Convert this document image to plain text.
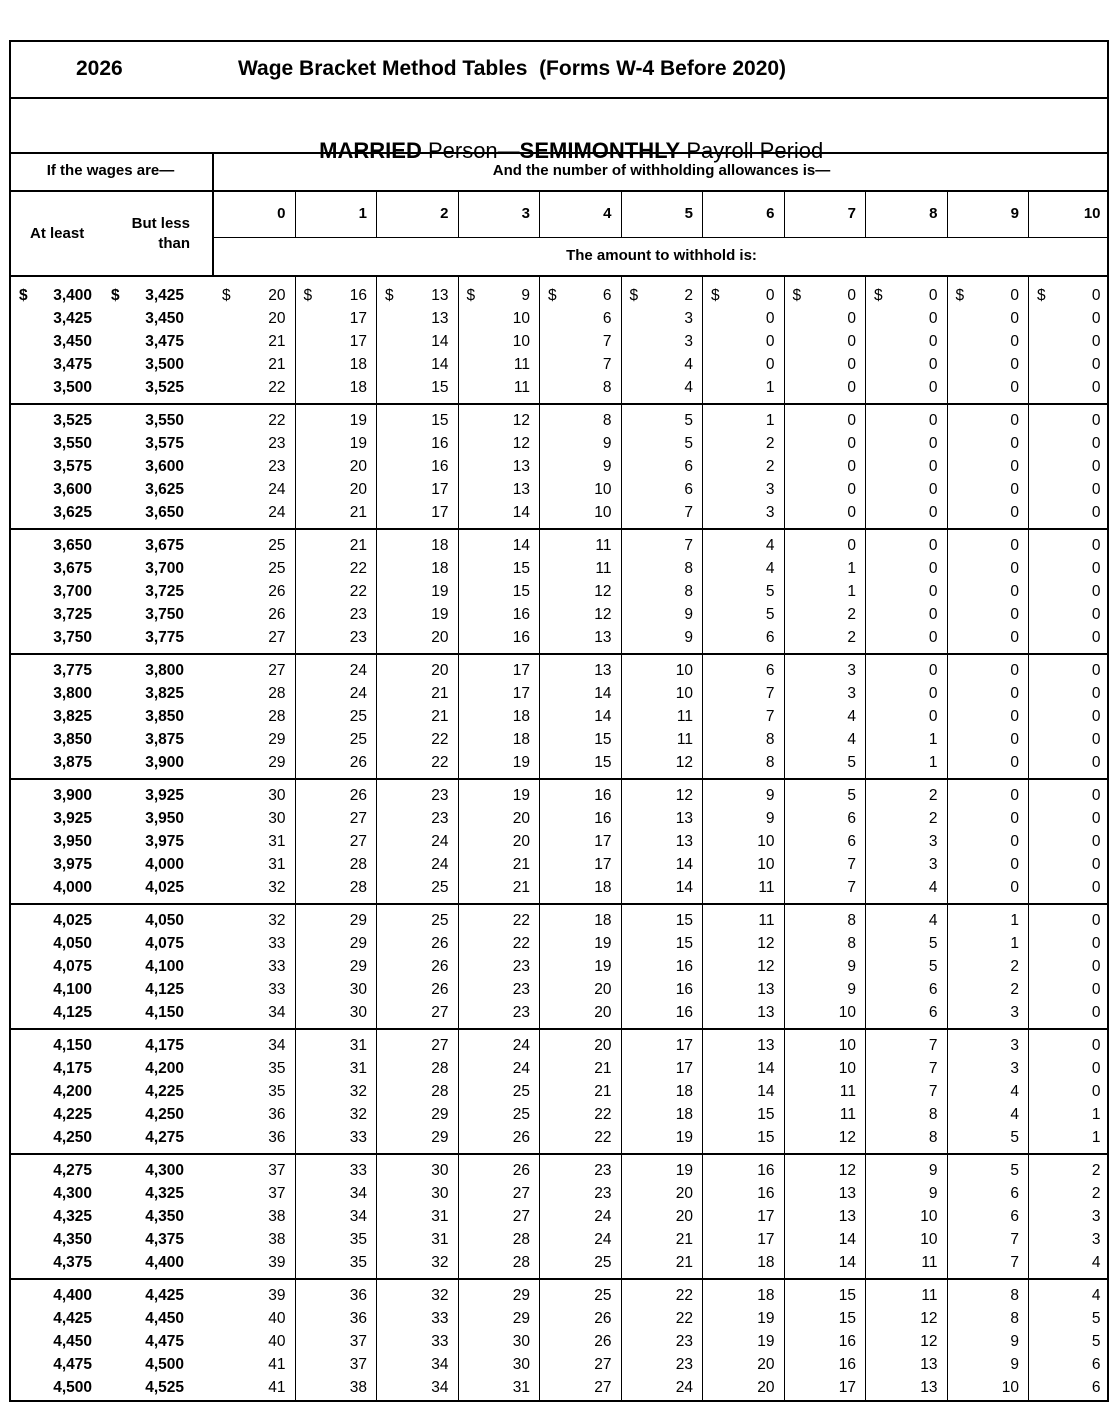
2026	Wage Bracket Method Tables  (Forms W-4 Before 2020)

MARRIED Person—SEMIMONTHLY Payroll Period

If the wages are—	And the number of withholding allowances is—
At least
But less
than
The amount to withhold is:
0	1	2	3	4	5	6	7	8	9	10
$	$
3,400	3,425 $	20 $	16 $	13 $	9 $	6 $	2 $	0 $	0 $	0 $	0 $	0
3,425	3,450	20	17	13	10	6	3	0	0	0	0	0
3,450	3,475	21	17	14	10	7	3	0	0	0	0	0
3,475	3,500	21	18	14	11	7	4	0	0	0	0	0
3,500	3,525	22	18	15	11	8	4	1	0	0	0	0
3,525	3,550	22	19	15	12	8	5	1	0	0	0	0
3,550	3,575	23	19	16	12	9	5	2	0	0	0	0
3,575	3,600	23	20	16	13	9	6	2	0	0	0	0
3,600	3,625	24	20	17	13	10	6	3	0	0	0	0
3,625	3,650	24	21	17	14	10	7	3	0	0	0	0
3,650	3,675	25	21	18	14	11	7	4	0	0	0	0
3,675	3,700	25	22	18	15	11	8	4	1	0	0	0
3,700	3,725	26	22	19	15	12	8	5	1	0	0	0
3,725	3,750	26	23	19	16	12	9	5	2	0	0	0
3,750	3,775	27	23	20	16	13	9	6	2	0	0	0
3,775	3,800	27	24	20	17	13	10	6	3	0	0	0
3,800	3,825	28	24	21	17	14	10	7	3	0	0	0
3,825	3,850	28	25	21	18	14	11	7	4	0	0	0
3,850	3,875	29	25	22	18	15	11	8	4	1	0	0
3,875	3,900	29	26	22	19	15	12	8	5	1	0	0
3,900	3,925	30	26	23	19	16	12	9	5	2	0	0
3,925	3,950	30	27	23	20	16	13	9	6	2	0	0
3,950	3,975	31	27	24	20	17	13	10	6	3	0	0
3,975	4,000	31	28	24	21	17	14	10	7	3	0	0
4,000	4,025	32	28	25	21	18	14	11	7	4	0	0
4,025	4,050	32	29	25	22	18	15	11	8	4	1	0
4,050	4,075	33	29	26	22	19	15	12	8	5	1	0
4,075	4,100	33	29	26	23	19	16	12	9	5	2	0
4,100	4,125	33	30	26	23	20	16	13	9	6	2	0
4,125	4,150	34	30	27	23	20	16	13	10	6	3	0
4,150	4,175	34	31	27	24	20	17	13	10	7	3	0
4,175	4,200	35	31	28	24	21	17	14	10	7	3	0
4,200	4,225	35	32	28	25	21	18	14	11	7	4	0
4,225	4,250	36	32	29	25	22	18	15	11	8	4	1
4,250	4,275	36	33	29	26	22	19	15	12	8	5	1
4,275	4,300	37	33	30	26	23	19	16	12	9	5	2
4,300	4,325	37	34	30	27	23	20	16	13	9	6	2
4,325	4,350	38	34	31	27	24	20	17	13	10	6	3
4,350	4,375	38	35	31	28	24	21	17	14	10	7	3
4,375	4,400	39	35	32	28	25	21	18	14	11	7	4
4,400	4,425	39	36	32	29	25	22	18	15	11	8	4
4,425	4,450	40	36	33	29	26	22	19	15	12	8	5
4,450	4,475	40	37	33	30	26	23	19	16	12	9	5
4,475	4,500	41	37	34	30	27	23	20	16	13	9	6
4,500	4,525	41	38	34	31	27	24	20	17	13	10	6
